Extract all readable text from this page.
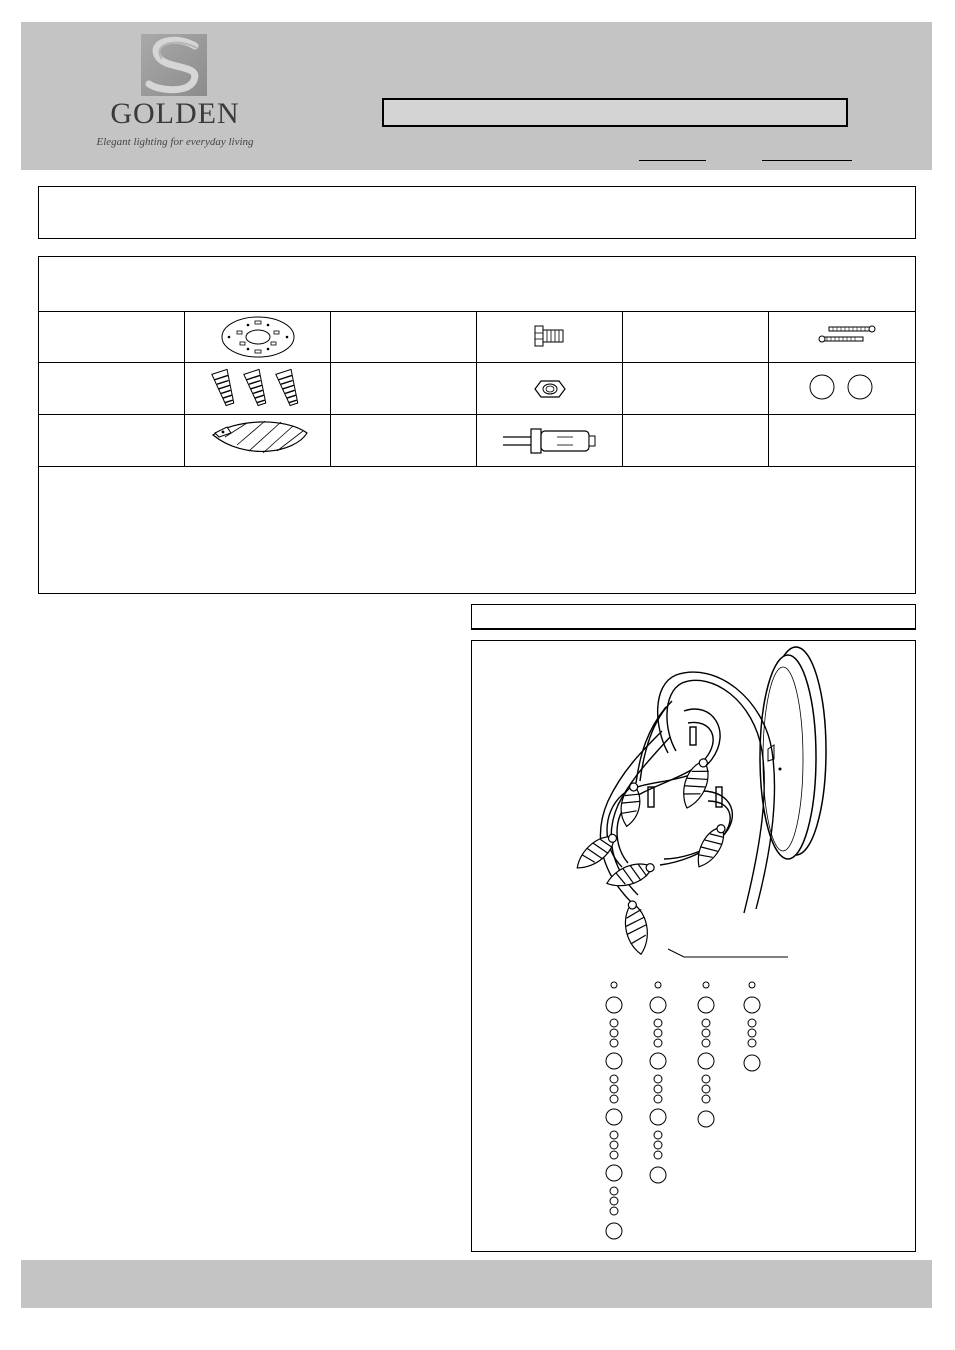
GOLDEN
Elegant lighting for everyday living
